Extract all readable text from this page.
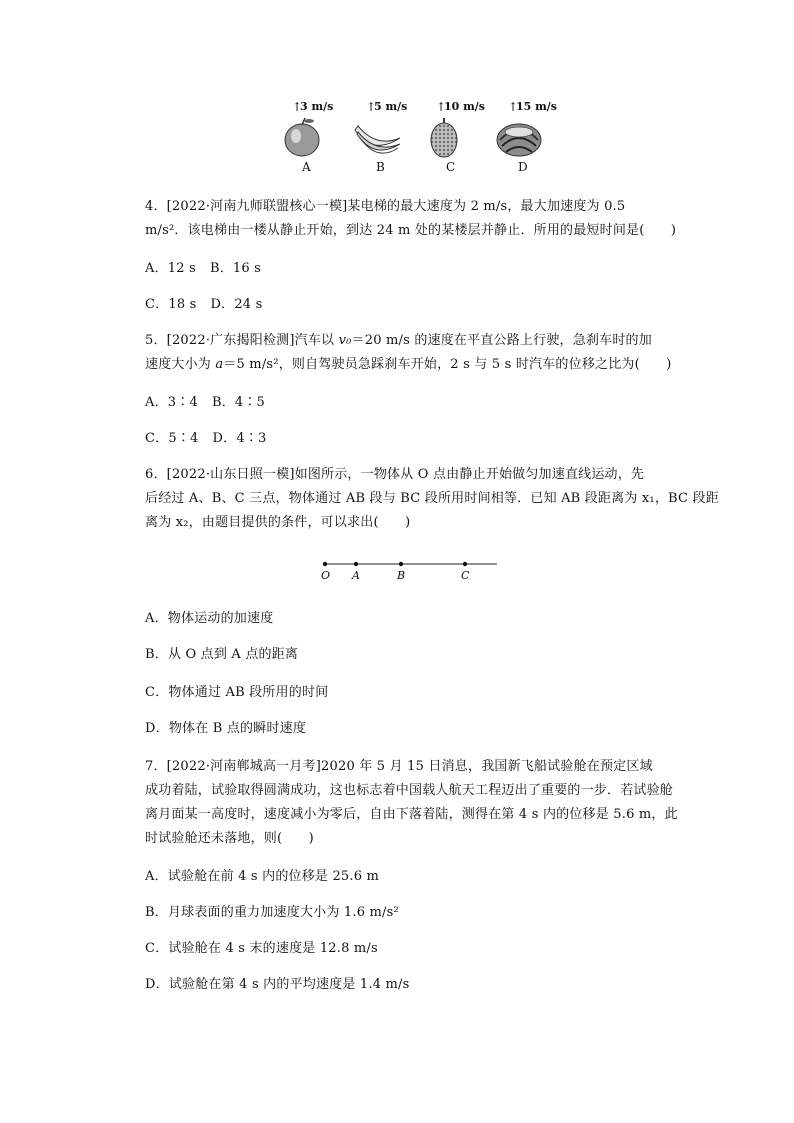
↑
3 m/s
A
↑
5 m/s
B
↑
10 m/s
C
↑
15 m/s
D
4．[2022·河南九师联盟核心一模]某电梯的最大速度为 2 m/s，最大加速度为 0.5
m/s²．该电梯由一楼从静止开始，到达 24 m 处的某楼层并静止．所用的最短时间是(　　)
A．12 s B．16 s
C．18 s D．24 s
5．[2022·广东揭阳检测]汽车以 v₀＝20 m/s 的速度在平直公路上行驶，急刹车时的加
速度大小为 a＝5 m/s²，则自驾驶员急踩刹车开始，2 s 与 5 s 时汽车的位移之比为(　　)
A．3∶4 B．4∶5
C．5∶4 D．4∶3
6．[2022·山东日照一模]如图所示，一物体从 O 点由静止开始做匀加速直线运动，先
后经过 A、B、C 三点，物体通过 AB 段与 BC 段所用时间相等．已知 AB 段距离为 x₁，BC 段距
离为 x₂，由题目提供的条件，可以求出(　　)
O A	B	C
A．物体运动的加速度
B．从 O 点到 A 点的距离
C．物体通过 AB 段所用的时间
D．物体在 B 点的瞬时速度
7．[2022·河南郸城高一月考]2020 年 5 月 15 日消息，我国新飞船试验舱在预定区域
成功着陆，试验取得圆满成功，这也标志着中国载人航天工程迈出了重要的一步．若试验舱
离月面某一高度时，速度减小为零后，自由下落着陆，测得在第 4 s 内的位移是 5.6 m，此
时试验舱还未落地，则(　　)
A．试验舱在前 4 s 内的位移是 25.6 m
B．月球表面的重力加速度大小为 1.6 m/s²
C．试验舱在 4 s 末的速度是 12.8 m/s
D．试验舱在第 4 s 内的平均速度是 1.4 m/s
